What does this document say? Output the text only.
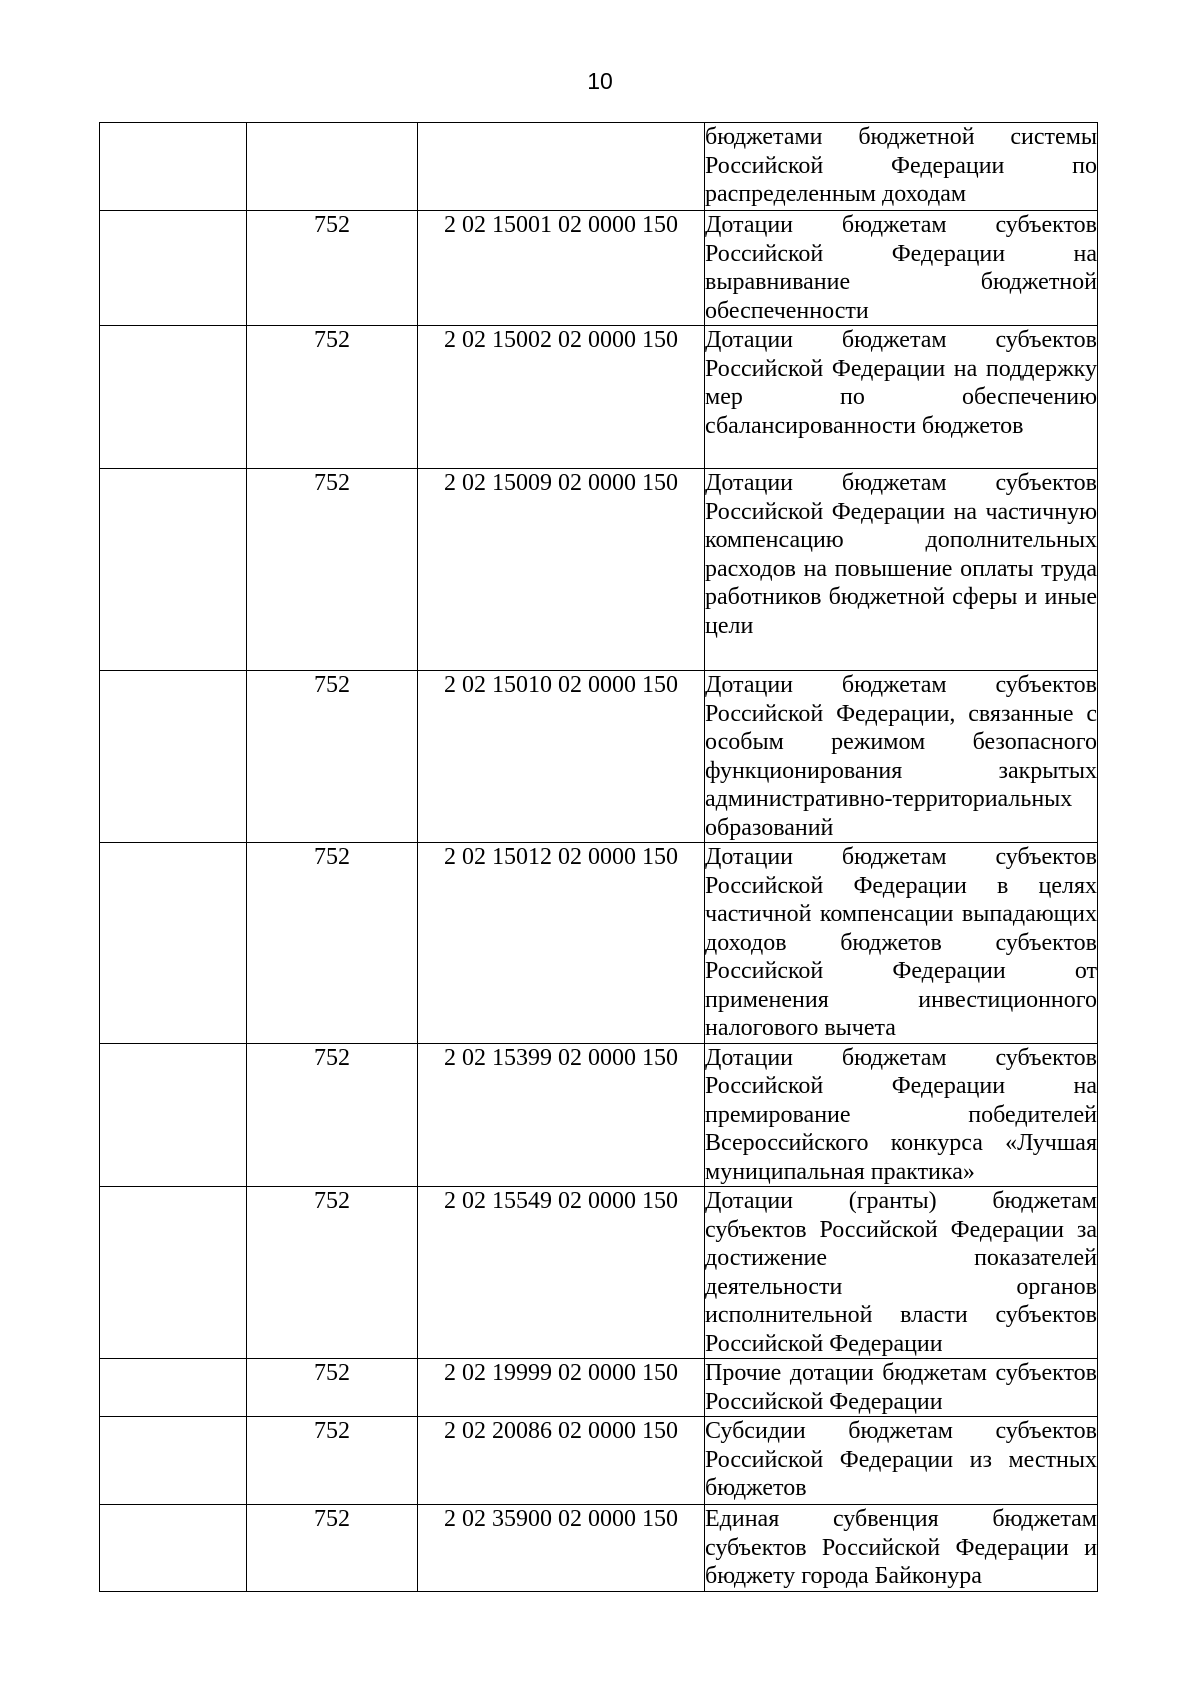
10
			бюджетами бюджетной системы Российской Федерации по распределенным доходам
	752	2 02 15001 02 0000 150	Дотации бюджетам субъектов Российской Федерации на выравнивание бюджетной обеспеченности
	752	2 02 15002 02 0000 150	Дотации бюджетам субъектов Российской Федерации на поддержку мер по обеспечению сбалансированности бюджетов
	752	2 02 15009 02 0000 150	Дотации бюджетам субъектов Российской Федерации на частичную компенсацию дополнительных расходов на повышение оплаты труда работников бюджетной сферы и иные цели
	752	2 02 15010 02 0000 150	Дотации бюджетам субъектов Российской Федерации, связанные с особым режимом безопасного функционирования закрытых административно-территориальных образований
	752	2 02 15012 02 0000 150	Дотации бюджетам субъектов Российской Федерации в целях частичной компенсации выпадающих доходов бюджетов субъектов Российской Федерации от применения инвестиционного налогового вычета
	752	2 02 15399 02 0000 150	Дотации бюджетам субъектов Российской Федерации на премирование победителей Всероссийского конкурса «Лучшая муниципальная практика»
	752	2 02 15549 02 0000 150	Дотации (гранты) бюджетам субъектов Российской Федерации за достижение показателей деятельности органов исполнительной власти субъектов Российской Федерации
	752	2 02 19999 02 0000 150	Прочие дотации бюджетам субъектов Российской Федерации
	752	2 02 20086 02 0000 150	Субсидии бюджетам субъектов Российской Федерации из местных бюджетов
	752	2 02 35900 02 0000 150	Единая субвенция бюджетам субъектов Российской Федерации и бюджету города Байконура
